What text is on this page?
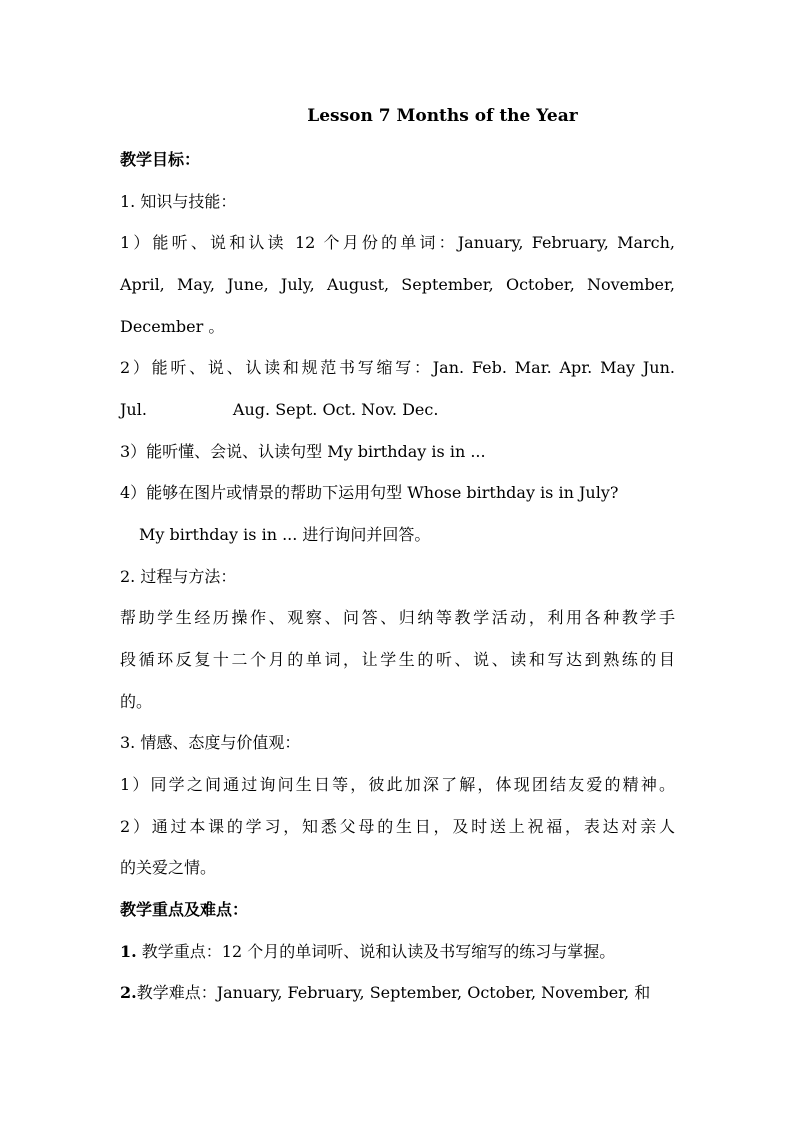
Lesson 7 Months of the Year
教学目标：
1. 知识与技能：
1）能听、说和认读 12 个月份的单词：January, February, March,
April, May, June, July, August, September, October, November,
December 。
2）能听、说、认读和规范书写缩写：Jan. Feb. Mar. Apr. May Jun.
Jul.	Aug. Sept. Oct. Nov. Dec.
3）能听懂、会说、认读句型 My birthday is in ...
4）能够在图片或情景的帮助下运用句型 Whose birthday is in July?
My birthday is in ... 进行询问并回答。
2. 过程与方法：
帮助学生经历操作、观察、问答、归纳等教学活动，利用各种教学手
段循环反复十二个月的单词，让学生的听、说、读和写达到熟练的目
的。
3. 情感、态度与价值观：
1）同学之间通过询问生日等，彼此加深了解，体现团结友爱的精神。
2）通过本课的学习，知悉父母的生日，及时送上祝福，表达对亲人
的关爱之情。
教学重点及难点：
1. 教学重点：12 个月的单词听、说和认读及书写缩写的练习与掌握。
2.教学难点：January, February, September, October, November, 和
